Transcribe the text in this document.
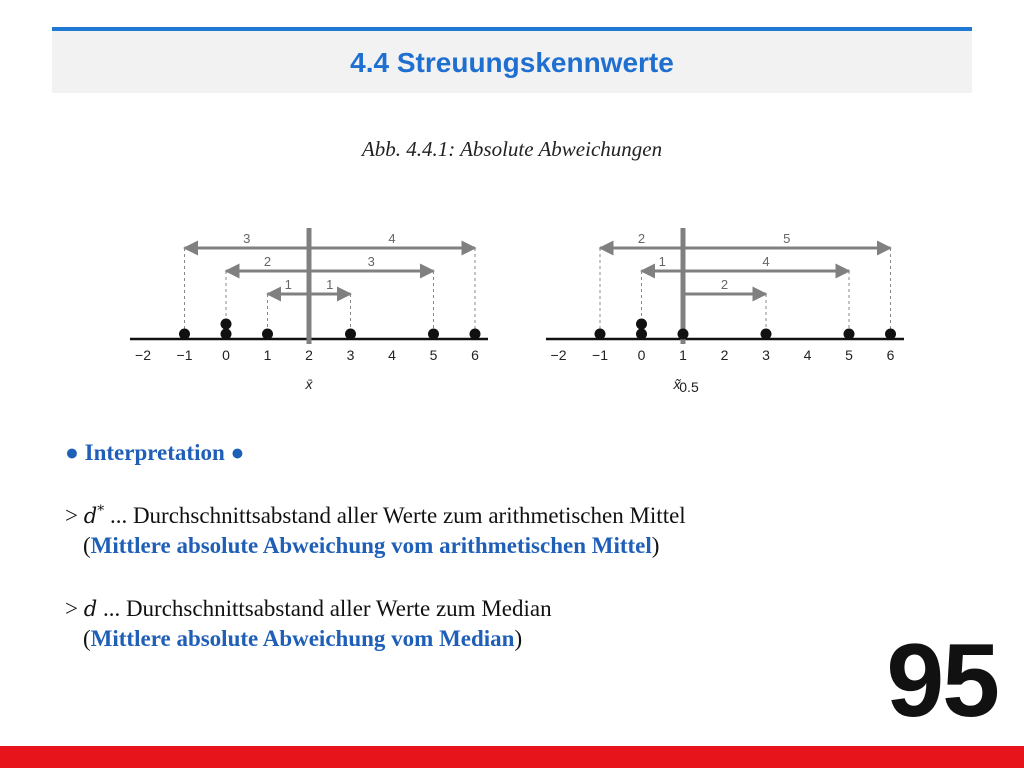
4.4 Streuungskennwerte
Abb. 4.4.1: Absolute Abweichungen
−2 −1 0 1 2 3 4 5 6
3	4
2	3
1	1
x̄
−2 −1 0 1 2 3 4 5 6
2	5
1	4
2
x̃
0.5
● Interpretation ●
> d* ... Durchschnittsabstand aller Werte zum arithmetischen Mittel
(Mittlere absolute Abweichung vom arithmetischen Mittel)
> d ... Durchschnittsabstand aller Werte zum Median
(Mittlere absolute Abweichung vom Median)	95
